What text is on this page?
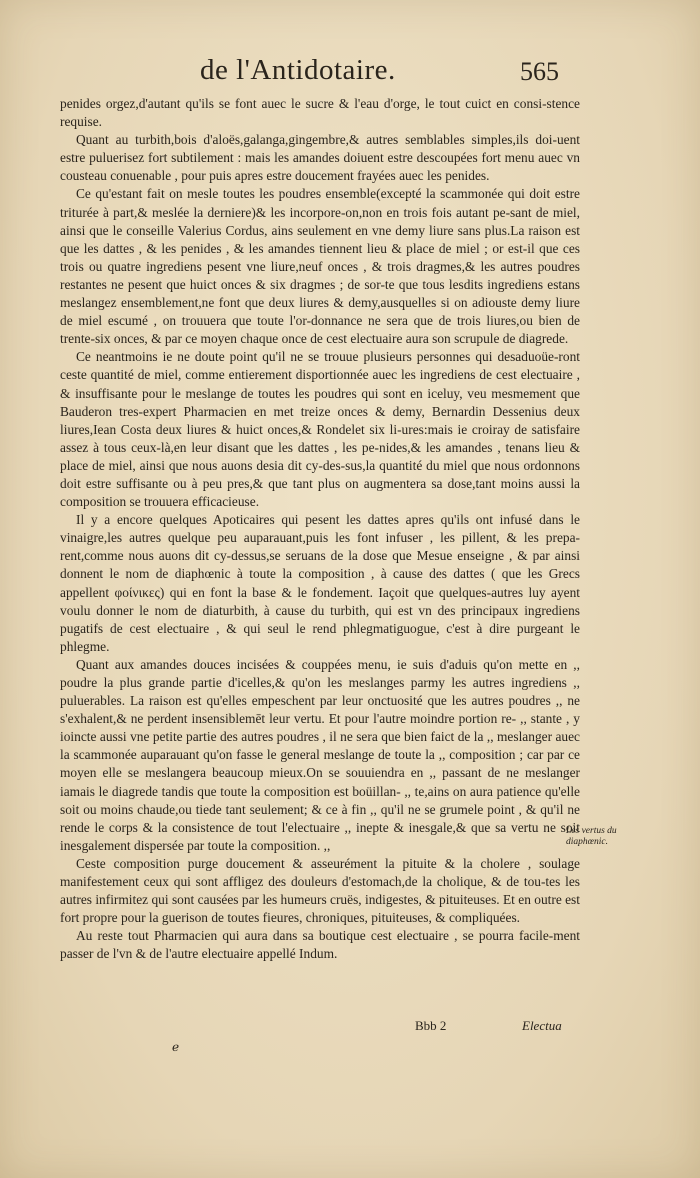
de l'Antidotaire.	565

penides orgez,d'autant qu'ils se font auec le sucre & l'eau d'orge, le tout cuict en consi-stence requise.

Quant au turbith,bois d'aloës,galanga,gingembre,& autres semblables simples,ils doi-uent estre puluerisez fort subtilement : mais les amandes doiuent estre descoupées fort menu auec vn cousteau conuenable , pour puis apres estre doucement frayées auec les penides.

Ce qu'estant fait on mesle toutes les poudres ensemble(excepté la scammonée qui doit estre triturée à part,& meslée la derniere)& les incorpore-on,non en trois fois autant pe-sant de miel, ainsi que le conseille Valerius Cordus, ains seulement en vne demy liure sans plus.La raison est que les dattes , & les penides , & les amandes tiennent lieu & place de miel ; or est-il que ces trois ou quatre ingrediens pesent vne liure,neuf onces , & trois dragmes,& les autres poudres restantes ne pesent que huict onces & six dragmes ; de sor-te que tous lesdits ingrediens estans meslangez ensemblement,ne font que deux liures & demy,ausquelles si on adiouste demy liure de miel escumé , on trouuera que toute l'or-donnance ne sera que de trois liures,ou bien de trente-six onces, & par ce moyen chaque once de cest electuaire aura son scrupule de diagrede.

Ce neantmoins ie ne doute point qu'il ne se trouue plusieurs personnes qui desaduoüe-ront ceste quantité de miel, comme entierement disportionnée auec les ingrediens de cest electuaire , & insuffisante pour le meslange de toutes les poudres qui sont en iceluy, veu mesmement que Bauderon tres-expert Pharmacien en met treize onces & demy, Bernardin Dessenius deux liures,Iean Costa deux liures & huict onces,& Rondelet six li-ures:mais ie croiray de satisfaire assez à tous ceux-là,en leur disant que les dattes , les pe-nides,& les amandes , tenans lieu & place de miel, ainsi que nous auons desia dit cy-des-sus,la quantité du miel que nous ordonnons doit estre suffisante ou à peu pres,& que tant plus on augmentera sa dose,tant moins aussi la composition se trouuera efficacieuse.

Il y a encore quelques Apoticaires qui pesent les dattes apres qu'ils ont infusé dans le vinaigre,les autres quelque peu auparauant,puis les font infuser , les pillent, & les prepa-rent,comme nous auons dit cy-dessus,se seruans de la dose que Mesue enseigne , & par ainsi donnent le nom de diaphœnic à toute la composition , à cause des dattes ( que les Grecs appellent φοίνικες) qui en font la base & le fondement. Iaçoit que quelques-autres luy ayent voulu donner le nom de diaturbith, à cause du turbith, qui est vn des principaux ingrediens pugatifs de cest electuaire , & qui seul le rend phlegmatiguogue, c'est à dire purgeant le phlegme.

Quant aux amandes douces incisées & couppées menu, ie suis d'aduis qu'on mette en ,, poudre la plus grande partie d'icelles,& qu'on les meslanges parmy les autres ingrediens ,, puluerables. La raison est qu'elles empeschent par leur onctuosité que les autres poudres ,, ne s'exhalent,& ne perdent insensiblemēt leur vertu. Et pour l'autre moindre portion re- ,, stante , y ioincte aussi vne petite partie des autres poudres , il ne sera que bien faict de la ,, meslanger auec la scammonée auparauant qu'on fasse le general meslange de toute la ,, composition ; car par ce moyen elle se meslangera beaucoup mieux.On se souuiendra en ,, passant de ne meslanger iamais le diagrede tandis que toute la composition est boüillan- ,, te,ains on aura patience qu'elle soit ou moins chaude,ou tiede tant seulement; & ce à fin ,, qu'il ne se grumele point , & qu'il ne rende le corps & la consistence de tout l'electuaire ,, inepte & inesgale,& que sa vertu ne soit inesgalement dispersée par toute la composition. ,,

Ceste composition purge doucement & asseurément la pituite & la cholere , soulage manifestement ceux qui sont affligez des douleurs d'estomach,de la cholique, & de tou-tes les autres infirmitez qui sont causées par les humeurs cruës, indigestes, & pituiteuses. Et en outre est fort propre pour la guerison de toutes fieures, chroniques, pituiteuses, & compliquées.

Au reste tout Pharmacien qui aura dans sa boutique cest electuaire , se pourra facile-ment passer de l'vn & de l'autre electuaire appellé Indum.

Les vertus du diaphœnic.
Bbb 2	Electua
ℯ
